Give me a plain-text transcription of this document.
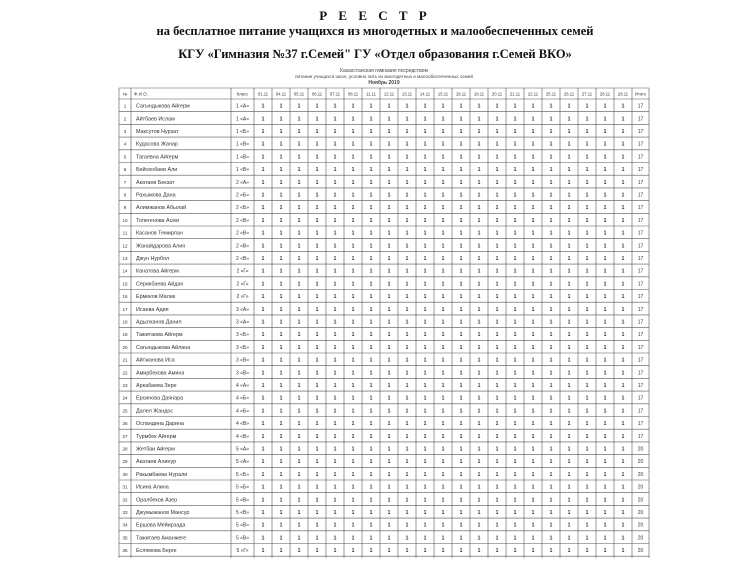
Р Е Е С Т Р
на бесплатное питание учащихся из многодетных и малообеспеченных семей
КГУ «Гимназия №37 г.Семей" ГУ «Отдел образования г.Семей ВКО»
Казахстанская гимназия посредством
питание учащихся школ, условно пить из многодетных и малообеспеченных семей
Ноябрь 2019
№ Ф.И.О.	Класс 01.11 04.11 05.11 06.11 07.11 08.11 11.11 12.11 13.11 14.11 15.11 18.11 19.11 20.11 21.11 22.11 25.11 26.11 27.11 28.11 29.11 Итого
1 Сагындыкова Айгерм	1 «А»	1	1	1	1	1	1	1	1	1	1	1	1	1	1	1	1	1	1	1	1	1	17
2 Айтбаев Ислам	1 «А»	1	1	1	1	1	1	1	1	1	1	1	1	1	1	1	1	1	1	1	1	1	17
3 Максутов Нурзат	1 «Б»	1	1	1	1	1	1	1	1	1	1	1	1	1	1	1	1	1	1	1	1	1	17
4 Кудасова Жанар	1 «В»	1	1	1	1	1	1	1	1	1	1	1	1	1	1	1	1	1	1	1	1	1	17
5 Тагаевна Айгерм	1 «В»	1	1	1	1	1	1	1	1	1	1	1	1	1	1	1	1	1	1	1	1	1	17
6 Бейсенбаев Али	1 «В»	1	1	1	1	1	1	1	1	1	1	1	1	1	1	1	1	1	1	1	1	1	17
7 Акатаев Бекзат	2 «А»	1	1	1	1	1	1	1	1	1	1	1	1	1	1	1	1	1	1	1	1	1	17
8 Рахымова Дана	2 «Б»	1	1	1	1	1	1	1	1	1	1	1	1	1	1	1	1	1	1	1	1	1	17
9 Алимжанов Абылай	2 «Б»	1	1	1	1	1	1	1	1	1	1	1	1	1	1	1	1	1	1	1	1	1	17
10 Толегенова Асем	2 «В»	1	1	1	1	1	1	1	1	1	1	1	1	1	1	1	1	1	1	1	1	1	17
11 Касанов Темирлан	2 «В»	1	1	1	1	1	1	1	1	1	1	1	1	1	1	1	1	1	1	1	1	1	17
12 Жанайдарова Алия	2 «В»	1	1	1	1	1	1	1	1	1	1	1	1	1	1	1	1	1	1	1	1	1	17
13 Джун Нурбол	2 «В»	1	1	1	1	1	1	1	1	1	1	1	1	1	1	1	1	1	1	1	1	1	17
14 Канатова Айгерм	2 «Г»	1	1	1	1	1	1	1	1	1	1	1	1	1	1	1	1	1	1	1	1	1	17
15 Серикбаева Айдан	2 «Г»	1	1	1	1	1	1	1	1	1	1	1	1	1	1	1	1	1	1	1	1	1	17
16 Ермеков Малик	2 «Г»	1	1	1	1	1	1	1	1	1	1	1	1	1	1	1	1	1	1	1	1	1	17
17 Исаева Адия	3 «А»	1	1	1	1	1	1	1	1	1	1	1	1	1	1	1	1	1	1	1	1	1	17
18 Адылханов Данил	3 «А»	1	1	1	1	1	1	1	1	1	1	1	1	1	1	1	1	1	1	1	1	1	17
19 Тажитаева Айгерм	3 «Б»	1	1	1	1	1	1	1	1	1	1	1	1	1	1	1	1	1	1	1	1	1	17
20 Сагындыкова Айлана	3 «Б»	1	1	1	1	1	1	1	1	1	1	1	1	1	1	1	1	1	1	1	1	1	17
21 Айтжанова Иса	3 «В»	1	1	1	1	1	1	1	1	1	1	1	1	1	1	1	1	1	1	1	1	1	17
22 Амирбекова Амина	3 «В»	1	1	1	1	1	1	1	1	1	1	1	1	1	1	1	1	1	1	1	1	1	17
23 Аркабаева Зере	4 «А»	1	1	1	1	1	1	1	1	1	1	1	1	1	1	1	1	1	1	1	1	1	17
24 Ерсинова Даянара	4 «Б»	1	1	1	1	1	1	1	1	1	1	1	1	1	1	1	1	1	1	1	1	1	17
25 Далел Жандос	4 «Б»	1	1	1	1	1	1	1	1	1	1	1	1	1	1	1	1	1	1	1	1	1	17
26 Оспандина Дарина	4 «В»	1	1	1	1	1	1	1	1	1	1	1	1	1	1	1	1	1	1	1	1	1	17
27 Турмбек Айгерм	4 «В»	1	1	1	1	1	1	1	1	1	1	1	1	1	1	1	1	1	1	1	1	1	17
28 Жетбаи Айгерм	5 «А»	1	1	1	1	1	1	1	1	1	1	1	1	1	1	1	1	1	1	1	1	1	20
29 Акатаев Алинур	5 «А»	1	1	1	1	1	1	1	1	1	1	1	1	1	1	1	1	1	1	1	1	1	20
30 Ракымбаева Нурали	5 «Б»	1	1	1	1	1	1	1	1	1	1	1	1	1	1	1	1	1	1	1	1	1	20
31 Исина Алина	5 «Б»	1	1	1	1	1	1	1	1	1	1	1	1	1	1	1	1	1	1	1	1	1	20
32 Оралбеков Азер	5 «В»	1	1	1	1	1	1	1	1	1	1	1	1	1	1	1	1	1	1	1	1	1	20
33 Джумыжанов Мансур	5 «В»	1	1	1	1	1	1	1	1	1	1	1	1	1	1	1	1	1	1	1	1	1	20
34 Ершова Мейирзада	5 «В»	1	1	1	1	1	1	1	1	1	1	1	1	1	1	1	1	1	1	1	1	1	20
35 Тажитаев Аманжеге	5 «В»	1	1	1	1	1	1	1	1	1	1	1	1	1	1	1	1	1	1	1	1	1	20
36 Еслямова Берге	5 «Г»	1	1	1	1	1	1	1	1	1	1	1	1	1	1	1	1	1	1	1	1	1	20
